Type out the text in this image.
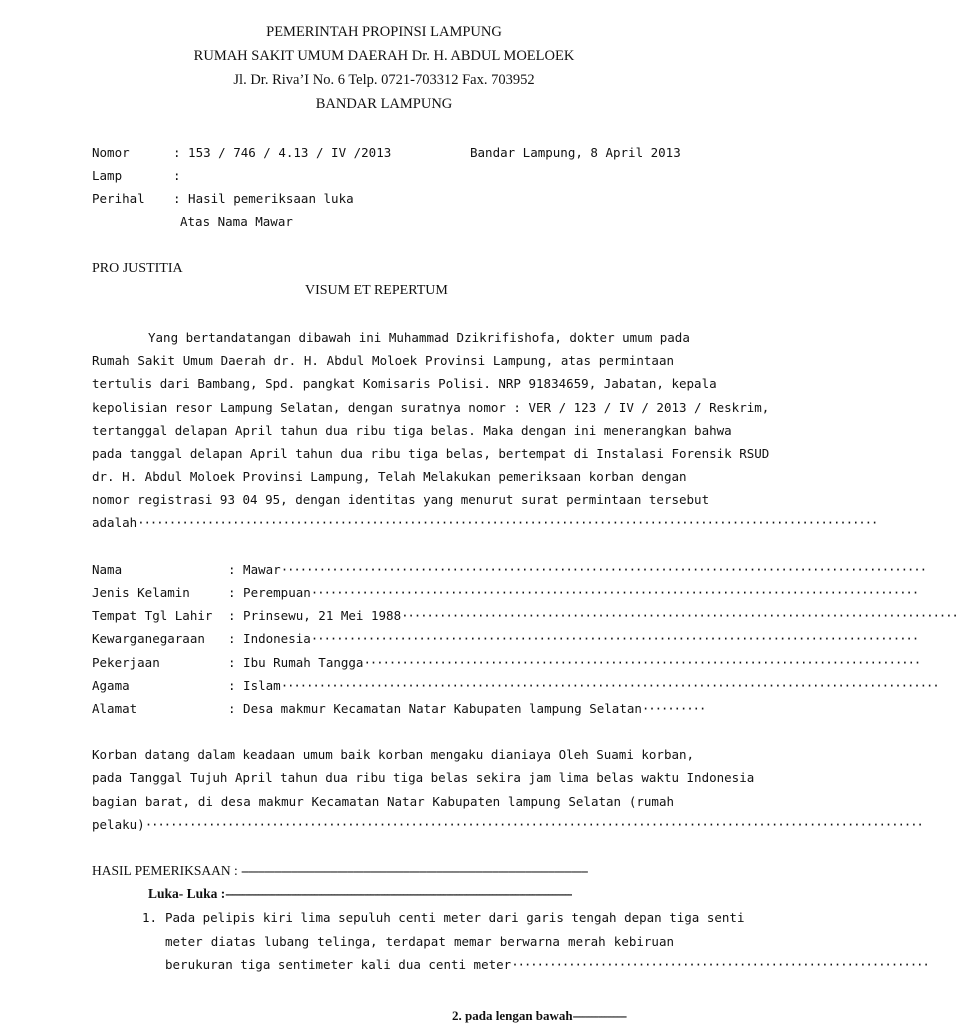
PEMERINTAH PROPINSI LAMPUNG
RUMAH SAKIT UMUM DAERAH Dr. H. ABDUL MOELOEK
Jl. Dr. Riva’I No. 6 Telp. 0721-703312 Fax. 703952
BANDAR LAMPUNG
Nomor	: 153 / 746 / 4.13 / IV /2013	Bandar Lampung, 8 April 2013
Lamp	:
Perihal : Hasil pemeriksaan luka
Atas Nama Mawar
PRO JUSTITIA
VISUM ET REPERTUM
Yang bertandatangan dibawah ini Muhammad Dzikrifishofa, dokter umum pada
Rumah Sakit Umum Daerah dr. H. Abdul Moloek Provinsi Lampung, atas permintaan
tertulis dari Bambang, Spd. pangkat Komisaris Polisi. NRP 91834659, Jabatan, kepala
kepolisian resor Lampung Selatan, dengan suratnya nomor : VER / 123 / IV / 2013 / Reskrim,
tertanggal delapan April tahun dua ribu tiga belas. Maka dengan ini menerangkan bahwa
pada tanggal delapan April tahun dua ribu tiga belas, bertempat di Instalasi Forensik RSUD
dr. H. Abdul Moloek Provinsi Lampung, Telah Melakukan pemeriksaan korban dengan
nomor registrasi 93 04 95, dengan identitas yang menurut surat permintaan tersebut
adalah·····················································································································
Nama	: Mawar······································································································
Jenis Kelamin	: Perempuan································································································
Tempat Tgl Lahir : Prinsewu, 21 Mei 1988························································································
Kewarganegaraan : Indonesia································································································
Pekerjaan	: Ibu Rumah Tangga························································································
Agama	: Islam········································································································
Alamat	: Desa makmur Kecamatan Natar Kabupaten lampung Selatan··········
Korban datang dalam keadaan umum baik korban mengaku dianiaya Oleh Suami korban,
pada Tanggal Tujuh April tahun dua ribu tiga belas sekira jam lima belas waktu Indonesia
bagian barat, di desa makmur Kecamatan Natar Kabupaten lampung Selatan (rumah
pelaku)···························································································································
HASIL PEMERIKSAAN : ---------------------------------------------------------------------------------------------------------
Luka- Luka :---------------------------------------------------------------------------------------------------------
1. Pada pelipis kiri lima sepuluh centi meter dari garis tengah depan tiga senti
meter diatas lubang telinga, terdapat memar berwarna merah kebiruan
berukuran tiga sentimeter kali dua centi meter··································································
2. pada lengan bawah-----------------
